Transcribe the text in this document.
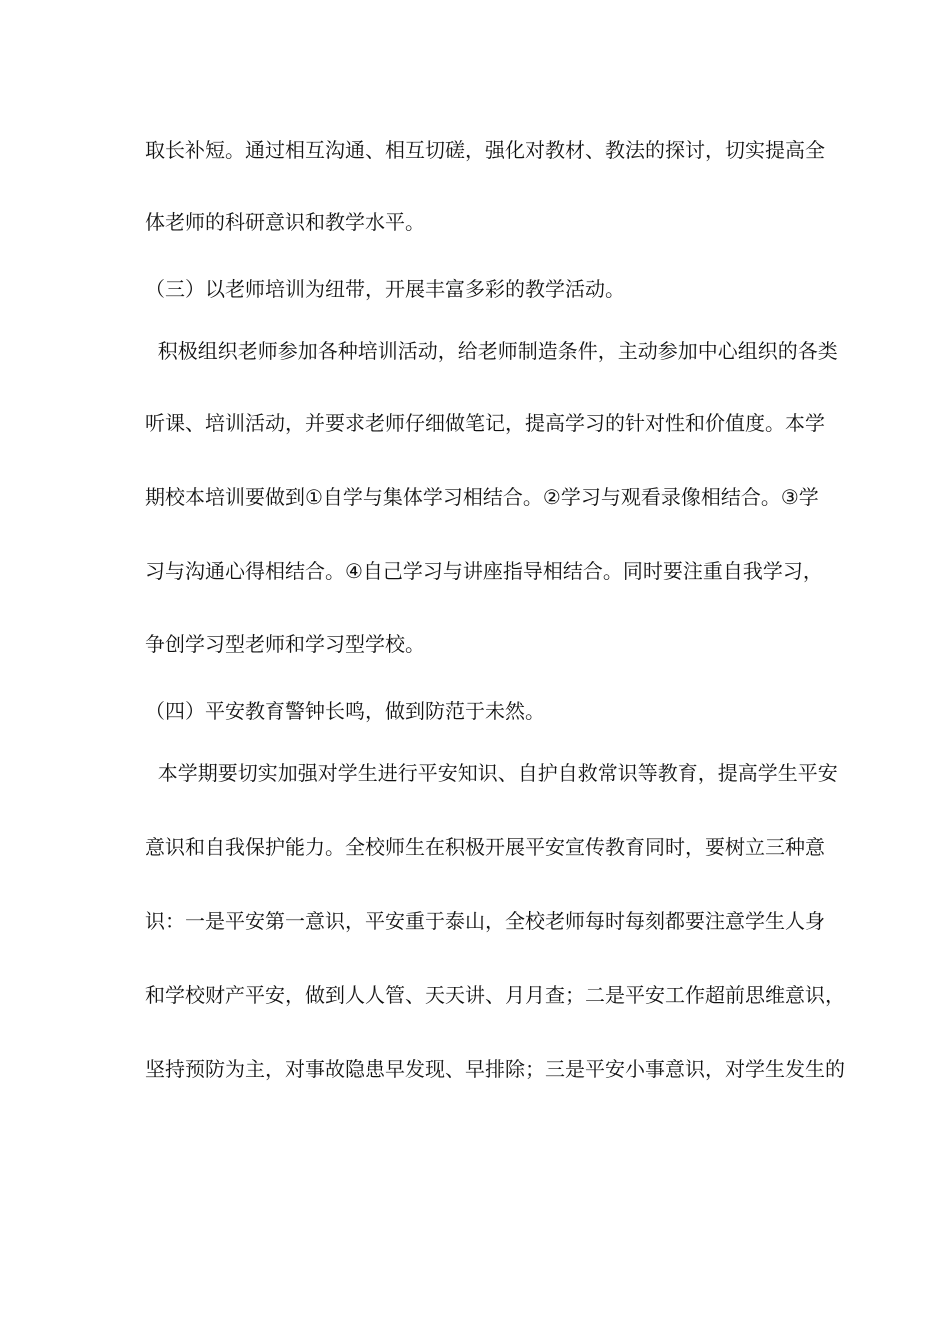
取长补短。通过相互沟通、相互切磋，强化对教材、教法的探讨，切实提高全
体老师的科研意识和教学水平。
（三）以老师培训为纽带，开展丰富多彩的教学活动。
积极组织老师参加各种培训活动，给老师制造条件，主动参加中心组织的各类
听课、培训活动，并要求老师仔细做笔记，提高学习的针对性和价值度。本学
期校本培训要做到①自学与集体学习相结合。②学习与观看录像相结合。③学
习与沟通心得相结合。④自己学习与讲座指导相结合。同时要注重自我学习，
争创学习型老师和学习型学校。
（四）平安教育警钟长鸣，做到防范于未然。
本学期要切实加强对学生进行平安知识、自护自救常识等教育，提高学生平安
意识和自我保护能力。全校师生在积极开展平安宣传教育同时，要树立三种意
识：一是平安第一意识，平安重于泰山，全校老师每时每刻都要注意学生人身
和学校财产平安，做到人人管、天天讲、月月查；二是平安工作超前思维意识，
坚持预防为主，对事故隐患早发现、早排除；三是平安小事意识，对学生发生的
